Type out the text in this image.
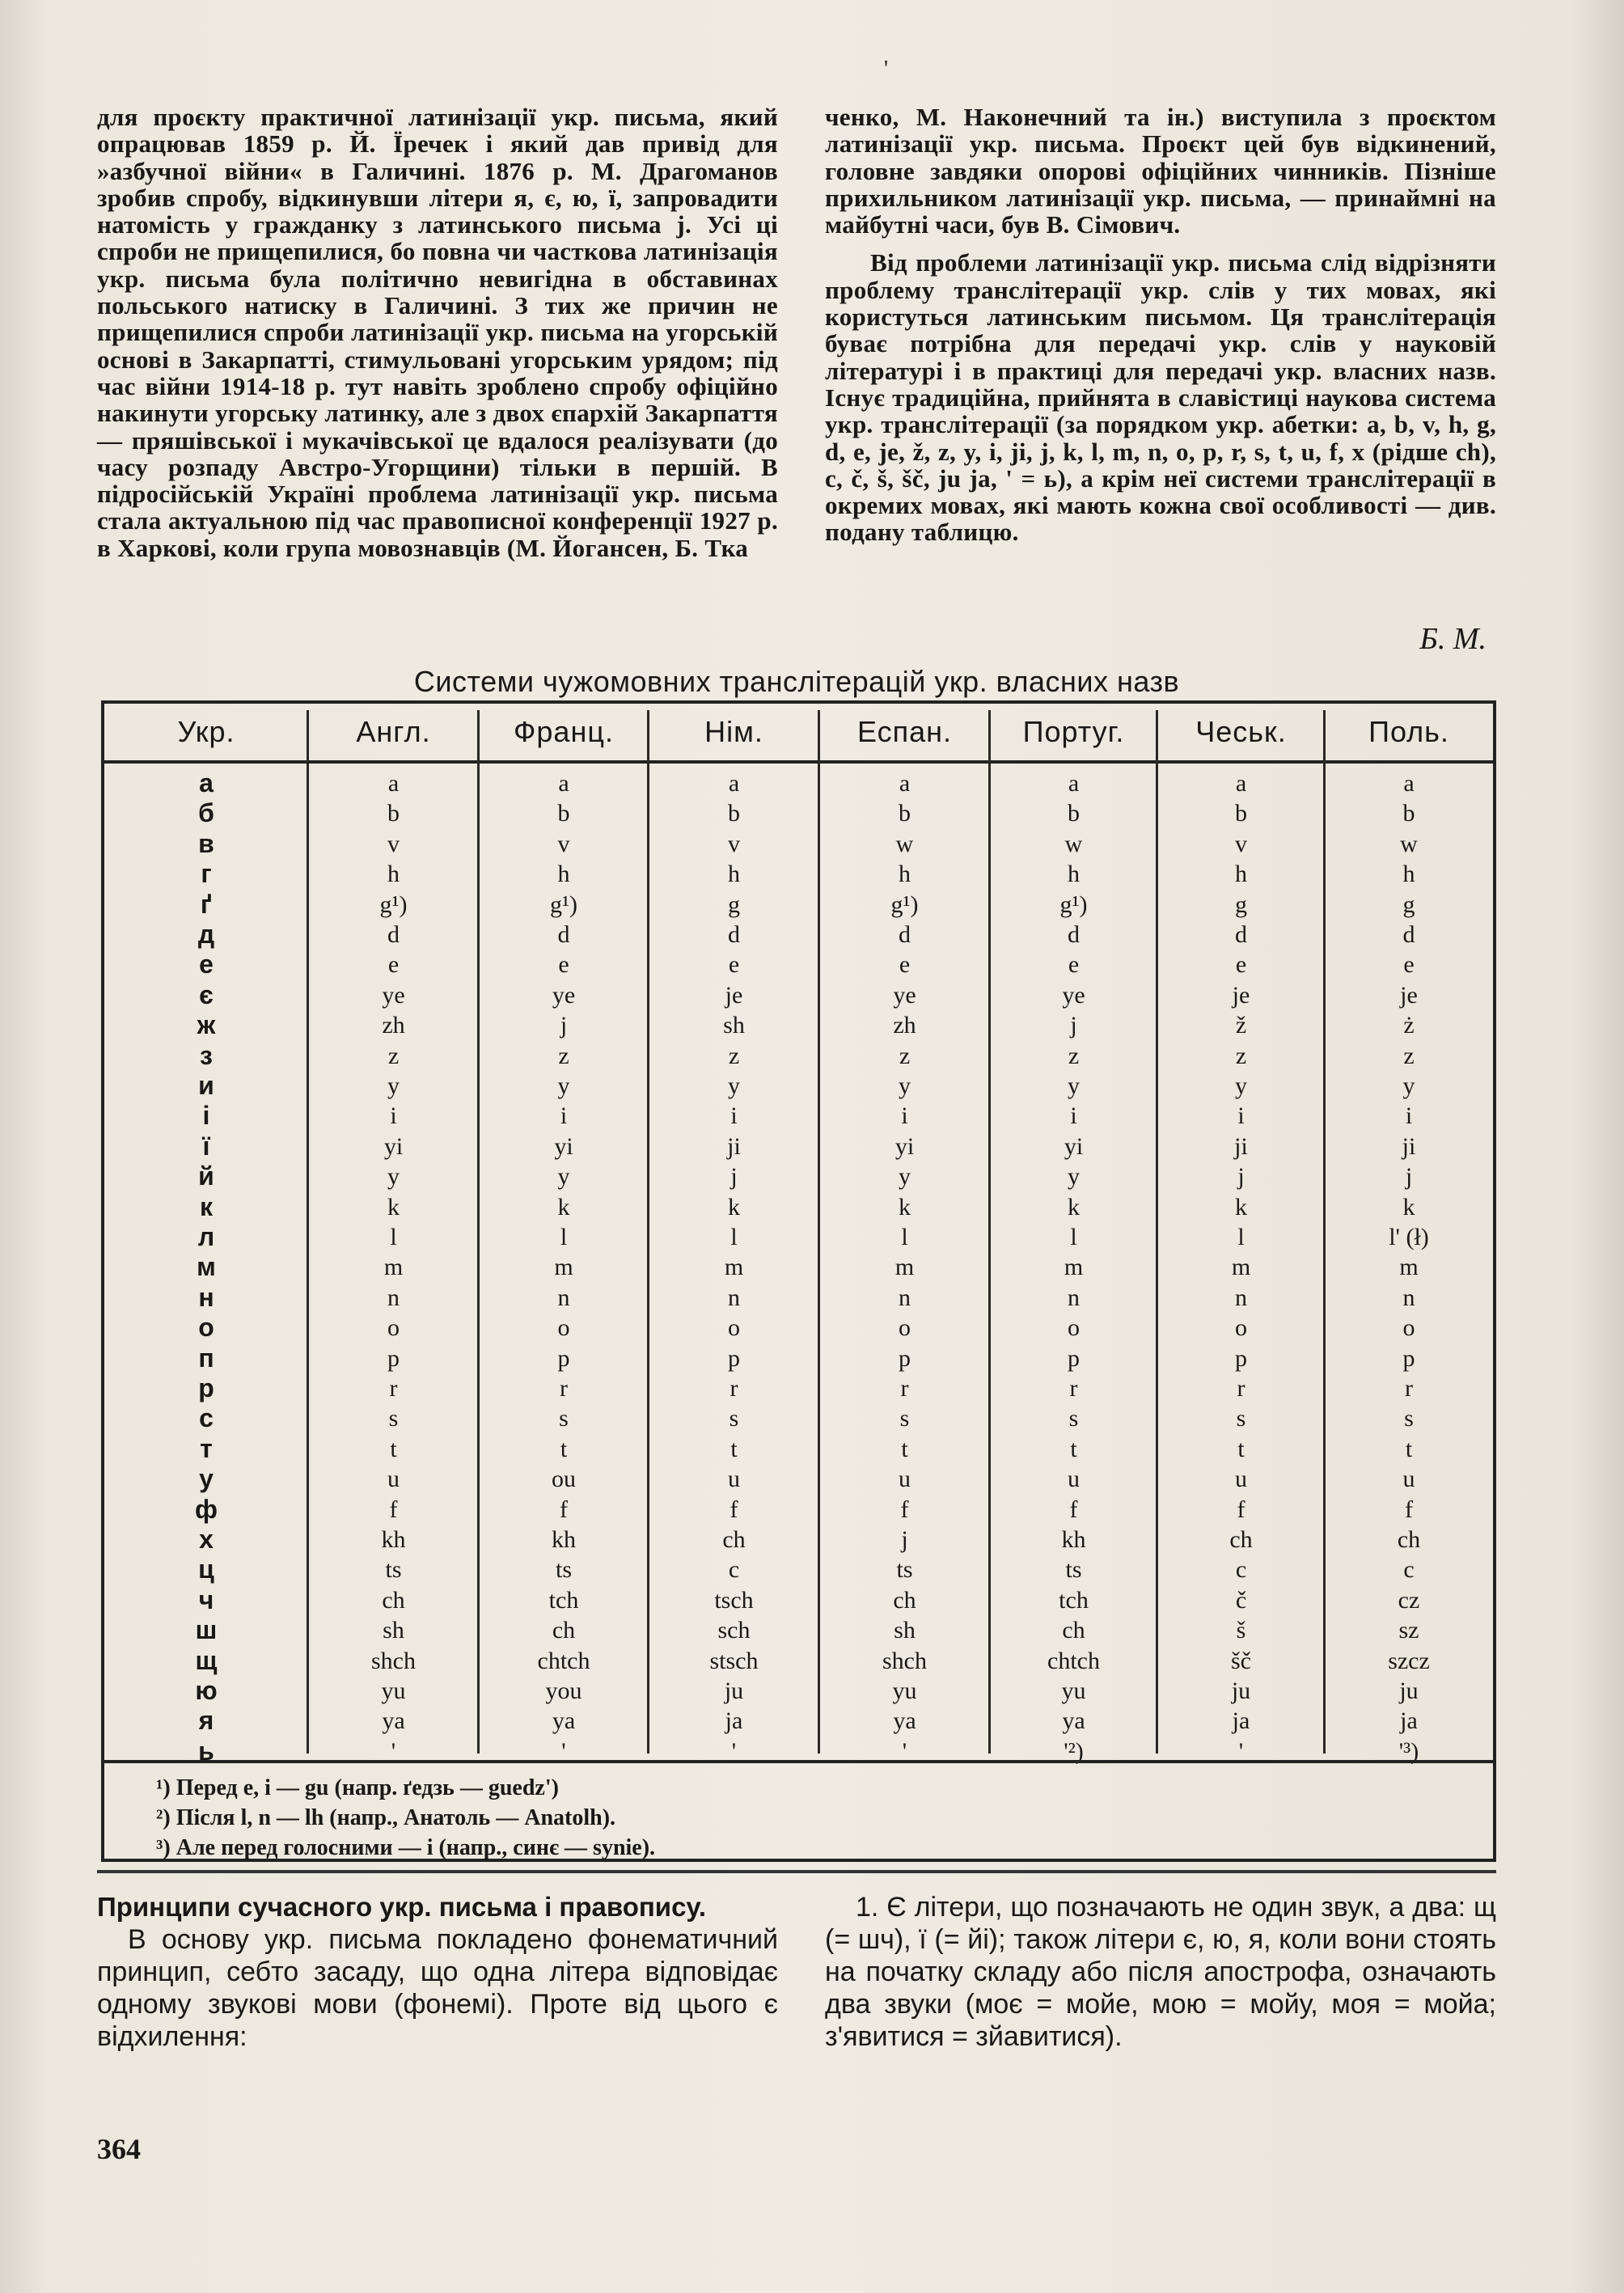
'
для проєкту практичної латинізації укр. письма, який опрацював 1859 р. Й. Їречек і який дав привід для »азбучної війни« в Галичині. 1876 р. М. Драгоманов зробив спробу, відкинувши літери я, є, ю, ї, запровадити натомість у гражданку з латинського письма j. Усі ці спроби не прищепилися, бо повна чи часткова латинізація укр. письма була політично невигідна в обставинах польського натиску в Галичині. З тих же причин не прищепилися спроби латинізації укр. письма на угорській основі в Закарпатті, стимульовані угорським урядом; під час війни 1914-18 р. тут навіть зроблено спробу офіційно накинути угорську латинку, але з двох єпархій Закарпаття — пряшівської і мукачівської це вдалося реалізувати (до часу розпаду Австро-Угорщини) тільки в першій. В підросійській Україні проблема латинізації укр. письма стала актуальною під час правописної конференції 1927 р. в Харкові, коли група мовознавців (М. Йогансен, Б. Тка

ченко, М. Наконечний та ін.) виступила з проєктом латинізації укр. письма. Проєкт цей був відкинений, головне завдяки опорові офіційних чинників. Пізніше прихильником латинізації укр. письма, — принаймні на майбутні часи, був В. Сімович.

Від проблеми латинізації укр. письма слід відрізняти проблему транслітерації укр. слів у тих мовах, які користуться латинським письмом. Ця транслітерація буває потрібна для передачі укр. слів у науковій літературі і в практиці для передачі укр. власних назв. Існує традиційна, прийнята в славістиці наукова система укр. транслітерації (за порядком укр. абетки: a, b, v, h, g, d, e, je, ž, z, y, i, ji, j, k, l, m, n, o, p, r, s, t, u, f, x (рідше ch), c, č, š, šč, ju ja, ' = ь), а крім неї системи транслітерації в окремих мовах, які мають кожна свої особливості — див. подану таблицю.

Б. М.
Системи чужомовних транслітерацій укр. власних назв
Укр.	Англ.	Франц.	Нім.	Еспан.	Португ.	Чеськ.	Поль.
а	a	a	a	a	a	a	a
б	b	b	b	b	b	b	b
в	v	v	v	w	w	v	w
г	h	h	h	h	h	h	h
ґ	g¹)	g¹)	g	g¹)	g¹)	g	g
д	d	d	d	d	d	d	d
е	e	e	e	e	e	e	e
є	ye	ye	je	ye	ye	je	je
ж	zh	j	sh	zh	j	ž	ż
з	z	z	z	z	z	z	z
и	y	y	y	y	y	y	y
і	i	i	i	i	i	i	i
ї	yi	yi	ji	yi	yi	ji	ji
й	y	y	j	y	y	j	j
к	k	k	k	k	k	k	k
л	l	l	l	l	l	l	l' (ł)
м	m	m	m	m	m	m	m
н	n	n	n	n	n	n	n
о	o	o	o	o	o	o	o
п	p	p	p	p	p	p	p
р	r	r	r	r	r	r	r
с	s	s	s	s	s	s	s
т	t	t	t	t	t	t	t
у	u	ou	u	u	u	u	u
ф	f	f	f	f	f	f	f
х	kh	kh	ch	j	kh	ch	ch
ц	ts	ts	c	ts	ts	c	c
ч	ch	tch	tsch	ch	tch	č	cz
ш	sh	ch	sch	sh	ch	š	sz
щ	shch	chtch	stsch	shch	chtch	šč	szcz
ю	yu	you	ju	yu	yu	ju	ju
я	ya	ya	ja	ya	ya	ja	ja
ь	'	'	'	'	'²)	'	'³)
¹) Перед е, і — gu (напр. ґедзь — guedz')
²) Після l, n — lh (напр., Анатоль — Anatolh).
³) Але перед голосними — i (напр., синє — synie).
Принципи сучасного укр. письма і правопису.
В основу укр. письма покладено фонематичний принцип, себто засаду, що одна літера відповідає одному звукові мови (фонемі). Проте від цього є відхилення:
1. Є літери, що позначають не один звук, а два: щ (= шч), ї (= йі); також літери є, ю, я, коли вони стоять на початку складу або після апострофа, означають два звуки (моє = мойе, мою = мойу, моя = мойа; з'явитися = зйавитися).
364
